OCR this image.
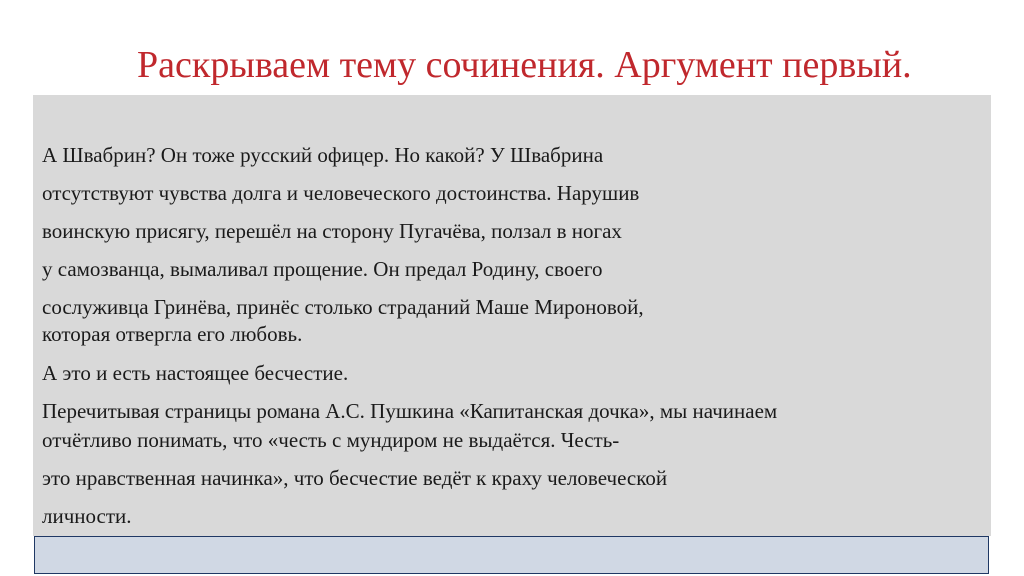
Раскрываем тему сочинения. Аргумент первый.
А Швабрин? Он тоже русский офицер. Но какой? У Швабрина
отсутствуют чувства долга и человеческого достоинства. Нарушив
воинскую присягу, перешёл на сторону Пугачёва, ползал в ногах
у самозванца, вымаливал прощение. Он предал Родину, своего
сослуживца Гринёва, принёс столько страданий Маше Мироновой,
которая отвергла его любовь.
А это и есть настоящее бесчестие.
Перечитывая страницы романа А.С. Пушкина «Капитанская дочка», мы начинаем
отчётливо понимать, что «честь с мундиром не выдаётся. Честь-
это нравственная начинка», что бесчестие ведёт к краху человеческой
личности.
